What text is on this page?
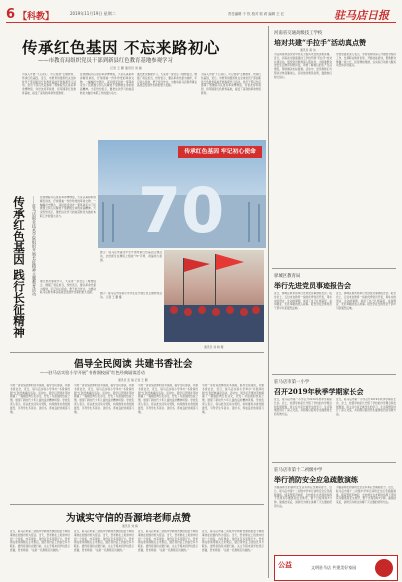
6 【科教】	2019年11月19日 星期二	责任编辑 于 钦 校对 郭 莉 编辑 王 红	驻马店日报
传承红色基因 不忘来路初心
——市教育局组织党员干部到新县红色教育基地参观学习
记者 王 鹏 通讯员 刘 瑞
为深入开展“不忘初心、牢记使命”主题教育，传承红色基因，近日，市教育局组织机关全体党员干部到新县红色教育基地开展参观学习活动。党员干部们先后参观了鄂豫皖苏区首府革命博物馆、许世友将军故居、将军园等红色教育基地，接受了深刻的革命传统教育。
在鄂豫皖苏区首府革命博物馆，大家认真聆听讲解员讲述，仔细观看一件件珍贵的革命文物、一幅幅历史图片，深切感受到老一辈革命家为了民族独立和人民解放不惜牺牲生命的崇高精神。大家纷纷表示，要把这次学习的收获转化为做好本职工作的强大动力。
通过此次参观学习，大家进一步坚定了理想信念，增强了责任担当，纷纷表示，要以革命先辈为榜样，牢记初心使命，勇于担当作为，为推动驻马店教育事业高质量发展作出新的更大贡献。
为深入开展“不忘初心、牢记使命”主题教育，传承红色基因，近日，市教育局组织机关全体党员干部到新县红色教育基地开展参观学习活动。党员干部们先后参观了鄂豫皖苏区首府革命博物馆、许世友将军故居、将军园等红色教育基地，接受了深刻的革命传统教育。
传承红色基因 践行长征精神	——驻马店职业技术学院组织开展长征精神主题教育活动 在鄂豫皖苏区首府革命博物馆，大家认真聆听讲解员讲述，仔细观看一件件珍贵的革命文物、一幅幅历史图片，深切感受到老一辈革命家为了民族独立和人民解放不惜牺牲生命的崇高精神。大家纷纷表示，要把这次学习的收获转化为做好本职工作的强大动力。	70
传承红色基因 牢记初心使命
图①：驻马店市第四中学开展传承红色基因主题活动，全校师生在操场上组成“70”字样，祝福伟大祖国。
图②：驻马店市实验小学学生在开展红色主题教育活动。 记者 王 鹏 摄
通讯员 刘 晓 摄
通过此次参观学习，大家进一步坚定了理想信念，增强了责任担当，纷纷表示，要以革命先辈为榜样，牢记初心使命，勇于担当作为，为推动驻马店教育事业高质量发展作出新的更大贡献。
倡导全民阅读 共建书香社会
——驻马店实验小学开展“书香润校园”红色经典诵读活动
通讯员 张 瑞 记者 王 鹏
为进一步营造浓厚的读书氛围，倡导全民阅读，共建书香社会，近日，驻马店实验小学举办“书香润校园”红色经典诵读活动。活动中，同学们声情并茂地朗诵了一篇篇经典红色诗文，抒发了对祖国的热爱之情，展现了新时代少年儿童的良好精神风貌。学校负责人表示，将以此次活动为契机，持续推进书香校园建设，引导学生多读书、读好书，养成良好的阅读习惯。
为进一步营造浓厚的读书氛围，倡导全民阅读，共建书香社会，近日，驻马店实验小学举办“书香润校园”红色经典诵读活动。活动中，同学们声情并茂地朗诵了一篇篇经典红色诗文，抒发了对祖国的热爱之情，展现了新时代少年儿童的良好精神风貌。学校负责人表示，将以此次活动为契机，持续推进书香校园建设，引导学生多读书、读好书，养成良好的阅读习惯。
为进一步营造浓厚的读书氛围，倡导全民阅读，共建书香社会，近日，驻马店实验小学举办“书香润校园”红色经典诵读活动。活动中，同学们声情并茂地朗诵了一篇篇经典红色诗文，抒发了对祖国的热爱之情，展现了新时代少年儿童的良好精神风貌。学校负责人表示，将以此次活动为契机，持续推进书香校园建设，引导学生多读书、读好书，养成良好的阅读习惯。
为进一步营造浓厚的读书氛围，倡导全民阅读，共建书香社会，近日，驻马店实验小学举办“书香润校园”红色经典诵读活动。活动中，同学们声情并茂地朗诵了一篇篇经典红色诗文，抒发了对祖国的热爱之情，展现了新时代少年儿童的良好精神风貌。学校负责人表示，将以此次活动为契机，持续推进书香校园建设，引导学生多读书、读好书，养成良好的阅读习惯。
为诚实守信的吾源培老师点赞
通讯员 刘 梅
近日，驻马店市第二初级中学教师吾源培拾金不昧的事迹在校园内传为佳话。当天，吾老师在上班途中捡到一个钱包，内有现金、身份证及多张银行卡。吾老师在原地等候失主未果后，通过身份证上的信息多方联系，最终将钱包完璧归赵。失主专程来到学校表示感谢，吾老师说：“这是一名教师应该做的。”
近日，驻马店市第二初级中学教师吾源培拾金不昧的事迹在校园内传为佳话。当天，吾老师在上班途中捡到一个钱包，内有现金、身份证及多张银行卡。吾老师在原地等候失主未果后，通过身份证上的信息多方联系，最终将钱包完璧归赵。失主专程来到学校表示感谢，吾老师说：“这是一名教师应该做的。”
近日，驻马店市第二初级中学教师吾源培拾金不昧的事迹在校园内传为佳话。当天，吾老师在上班途中捡到一个钱包，内有现金、身份证及多张银行卡。吾老师在原地等候失主未果后，通过身份证上的信息多方联系，最终将钱包完璧归赵。失主专程来到学校表示感谢，吾老师说：“这是一名教师应该做的。”
近日，驻马店市第二初级中学教师吾源培拾金不昧的事迹在校园内传为佳话。当天，吾老师在上班途中捡到一个钱包，内有现金、身份证及多张银行卡。吾老师在原地等候失主未果后，通过身份证上的信息多方联系，最终将钱包完璧归赵。失主专程来到学校表示感谢，吾老师说：“这是一名教师应该做的。”
河南省交通高级技工学校
培对共建“手拉手”活动真点赞
通讯员 黄 伟
为认真贯彻落实党中央关于脱贫攻坚的决策部署，近日，河南省交通高级技工学校开展“手拉手”结对共建活动，组织党员教师深入帮扶村，为困难群众送去生活物资和慰问金，详细了解他们的生产生活情况，帮助解决实际困难。活动中，党员教师们与帮扶对象促膝谈心，宣讲党的惠民政策，鼓励他们树立信心。
学校党委负责人表示，学校将持续深入开展结对帮扶工作，发挥职业教育优势，开展技能培训，帮助群众掌握一技之长，拓宽增收渠道，以实际行动助力脱贫攻坚和乡村振兴。
驿城区教育局
举行先进党员事迹报告会
近日，驿城区教育局举行先进党员事迹报告会。报告会上，五位来自教育一线的优秀党员代表，用朴实的语言、生动的事例，讲述了自己扎根基层、爱岗敬业、无私奉献的感人故事。报告会在全体党员干部中引起强烈反响。
近日，驿城区教育局举行先进党员事迹报告会。报告会上，五位来自教育一线的优秀党员代表，用朴实的语言、生动的事例，讲述了自己扎根基层、爱岗敬业、无私奉献的感人故事。报告会在全体党员干部中引起强烈反响。
驻马店市第一小学
召开2019年秋季学期家长会
近日，驻马店市第一小学召开2019年秋季学期家长会。会上，校领导向家长介绍了学校的办学理念和发展规划，班主任与家长就学生的学习、生活等情况进行了深入交流，共同探讨促进学生健康成长的有效方法。
近日，驻马店市第一小学召开2019年秋季学期家长会。会上，校领导向家长介绍了学校的办学理念和发展规划，班主任与家长就学生的学习、生活等情况进行了深入交流，共同探讨促进学生健康成长的有效方法。
驻马店市第十二初级中学
举行消防安全应急疏散演练
为提高师生的消防安全意识和应急避险能力，近日，驻马店市第十二初级中学举行消防安全应急疏散演练。随着警报声响起，全校师生在老师的指挥下迅速有序撤离到安全地带，整个过程用时3分钟。演练结束后，消防员为师生讲解了灭火器的使用方法。
为提高师生的消防安全意识和应急避险能力，近日，驻马店市第十二初级中学举行消防安全应急疏散演练。随着警报声响起，全校师生在老师的指挥下迅速有序撤离到安全地带，整个过程用时3分钟。演练结束后，消防员为师生讲解了灭火器的使用方法。
公益	文明驻马店 共建美好家园
